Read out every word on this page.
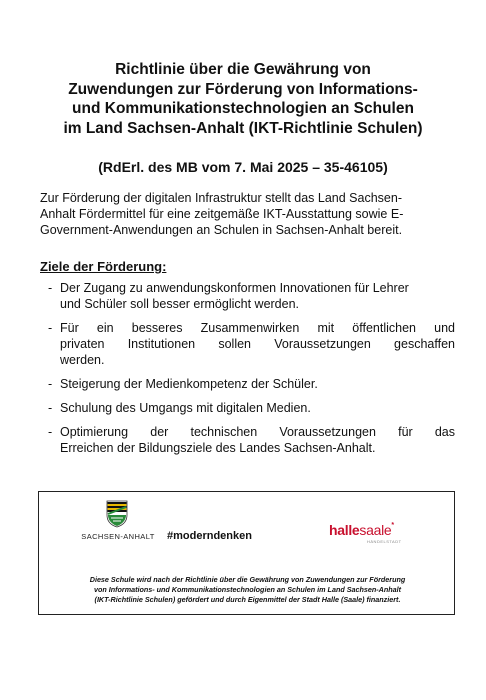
Richtlinie über die Gewährung von
Zuwendungen zur Förderung von Informations-
und Kommunikationstechnologien an Schulen
im Land Sachsen-Anhalt (IKT-Richtlinie Schulen)
(RdErl. des MB vom 7. Mai 2025 – 35-46105)
Zur Förderung der digitalen Infrastruktur stellt das Land Sachsen-
Anhalt Fördermittel für eine zeitgemäße IKT-Ausstattung sowie E-
Government-Anwendungen an Schulen in Sachsen-Anhalt bereit.
Ziele der Förderung:
- Der Zugang zu anwendungskonformen Innovationen für Lehrer
und Schüler soll besser ermöglicht werden.
- Für ein besseres Zusammenwirken mit öffentlichen und
privaten Institutionen sollen Voraussetzungen geschaffen
werden.
- Steigerung der Medienkompetenz der Schüler.
- Schulung des Umgangs mit digitalen Medien.
- Optimierung der technischen Voraussetzungen für das
Erreichen der Bildungsziele des Landes Sachsen-Anhalt.
SACHSEN-ANHALT	#moderndenken	hallesaale*
HÄNDELSTADT
Diese Schule wird nach der Richtlinie über die Gewährung von Zuwendungen zur Förderung
von Informations- und Kommunikationstechnologien an Schulen im Land Sachsen-Anhalt
(IKT-Richtlinie Schulen) gefördert und durch Eigenmittel der Stadt Halle (Saale) finanziert.
